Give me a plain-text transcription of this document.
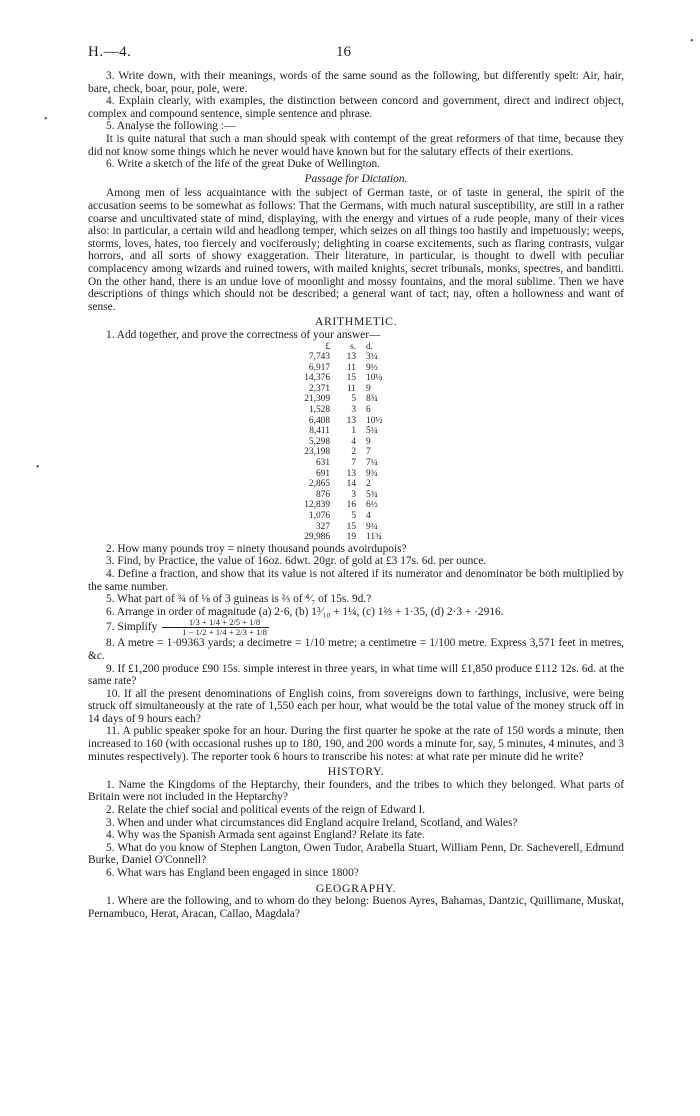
H.—4.	16

3. Write down, with their meanings, words of the same sound as the following, but differently spelt: Air, hair, bare, check, boar, pour, pole, were.

4. Explain clearly, with examples, the distinction between concord and government, direct and indirect object, complex and compound sentence, simple sentence and phrase.

5. Analyse the following :—

It is quite natural that such a man should speak with contempt of the great reformers of that time, because they did not know some things which he never would have known but for the salutary effects of their exertions.

6. Write a sketch of the life of the great Duke of Wellington.

Passage for Dictation.

Among men of less acquaintance with the subject of German taste, or of taste in general, the spirit of the accusation seems to be somewhat as follows: That the Germans, with much natural susceptibility, are still in a rather coarse and uncultivated state of mind, displaying, with the energy and virtues of a rude people, many of their vices also: in particular, a certain wild and headlong temper, which seizes on all things too hastily and impetuously; weeps, storms, loves, hates, too fiercely and vociferously; delighting in coarse excitements, such as flaring contrasts, vulgar horrors, and all sorts of showy exaggeration. Their literature, in particular, is thought to dwell with peculiar complacency among wizards and ruined towers, with mailed knights, secret tribunals, monks, spectres, and banditti. On the other hand, there is an undue love of moonlight and mossy fountains, and the moral sublime. Then we have descriptions of things which should not be described; a general want of tact; nay, often a hollowness and want of sense.

ARITHMETIC.

1. Add together, and prove the correctness of your answer—

£	s.	d.
7,743	13	3¼
6,917	11	9½
14,376	15	10¼
2,371	11	9
21,309	5	8¾
1,528	3	6
6,408	13	10½
8,411	1	5¼
5,298	4	9
23,198	2	7
631	7	7¼
691	13	9¾
2,865	14	2
876	3	5¾
12,839	16	6½
1,076	5	4
327	15	9¼
29,986	19	11¾

2. How many pounds troy = ninety thousand pounds avoirdupois?

3. Find, by Practice, the value of 16oz. 6dwt. 20gr. of gold at £3 17s. 6d. per ounce.

4. Define a fraction, and show that its value is not altered if its numerator and denominator be both multiplied by the same number.

5. What part of ¾ of ⅛ of 3 guineas is ⅔ of ⁴⁄₇ of 15s. 9d.?

6. Arrange in order of magnitude (a) 2·6, (b) 1³⁄₁₀ + 1¼, (c) 1⅔ + 1·35, (d) 2·3 + ·2916.

7. Simplify $\frac{1/3 + 1/4 + 2/5 + 1/8}{1 - 1/2 + 1/4 + 2/3 + 1/8}$

8. A metre = 1·09363 yards; a decimetre = 1/10 metre; a centimetre = 1/100 metre. Express 3,571 feet in metres, &c.

9. If £1,200 produce £90 15s. simple interest in three years, in what time will £1,850 produce £112 12s. 6d. at the same rate?

10. If all the present denominations of English coins, from sovereigns down to farthings, inclusive, were being struck off simultaneously at the rate of 1,550 each per hour, what would be the total value of the money struck off in 14 days of 9 hours each?

11. A public speaker spoke for an hour. During the first quarter he spoke at the rate of 150 words a minute, then increased to 160 (with occasional rushes up to 180, 190, and 200 words a minute for, say, 5 minutes, 4 minutes, and 3 minutes respectively). The reporter took 6 hours to transcribe his notes: at what rate per minute did he write?

HISTORY.

1. Name the Kingdoms of the Heptarchy, their founders, and the tribes to which they belonged. What parts of Britain were not included in the Heptarchy?

2. Relate the chief social and political events of the reign of Edward I.

3. When and under what circumstances did England acquire Ireland, Scotland, and Wales?

4. Why was the Spanish Armada sent against England? Relate its fate.

5. What do you know of Stephen Langton, Owen Tudor, Arabella Stuart, William Penn, Dr. Sacheverell, Edmund Burke, Daniel O'Connell?

6. What wars has England been engaged in since 1800?

GEOGRAPHY.

1. Where are the following, and to whom do they belong: Buenos Ayres, Bahamas, Dantzic, Quillimane, Muskat, Pernambuco, Herat, Aracan, Callao, Magdala?

•
•
•
